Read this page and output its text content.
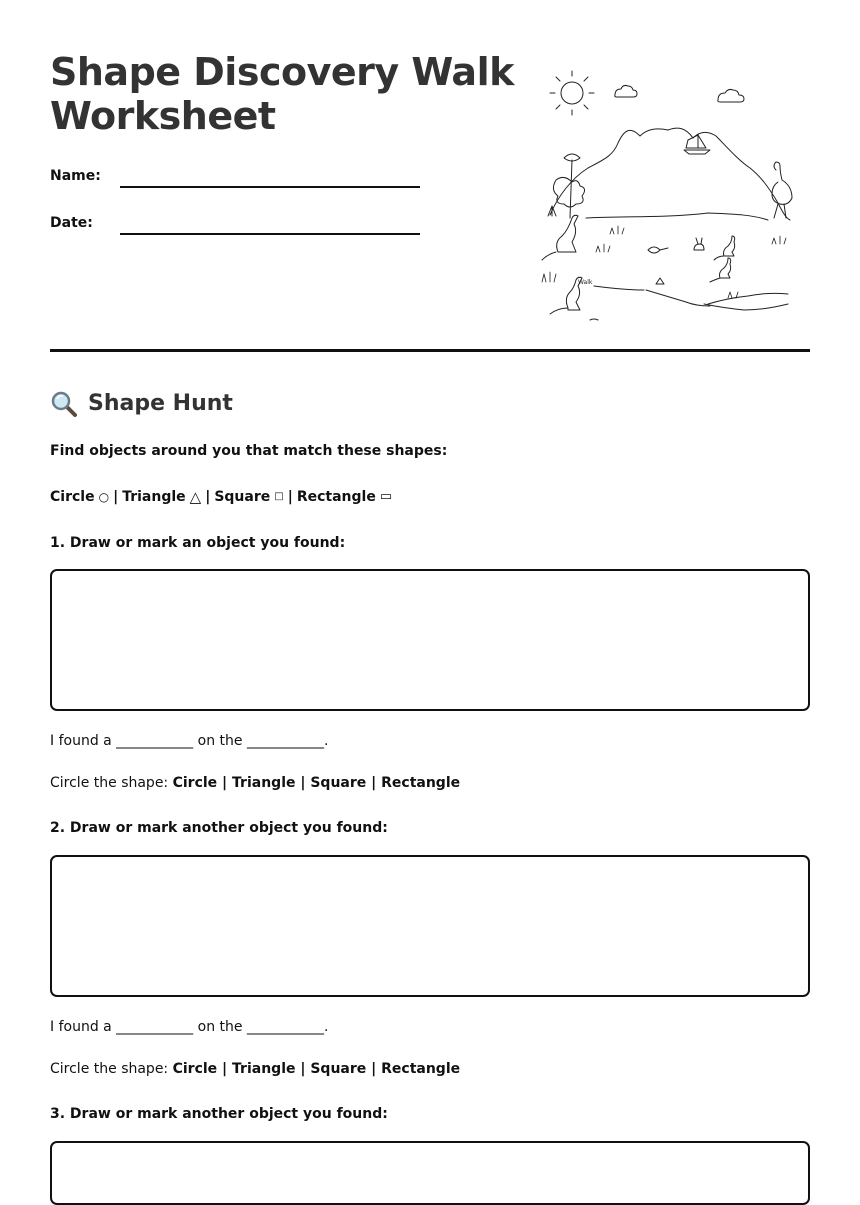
Shape Discovery Walk Worksheet
Name:
Date:
Walk
Shape Hunt
Find objects around you that match these shapes:
Circle ○ | Triangle △ | Square □ | Rectangle ▭
1. Draw or mark an object you found:
I found a ___________ on the ___________.
Circle the shape: Circle | Triangle | Square | Rectangle
2. Draw or mark another object you found:
I found a ___________ on the ___________.
Circle the shape: Circle | Triangle | Square | Rectangle
3. Draw or mark another object you found:
